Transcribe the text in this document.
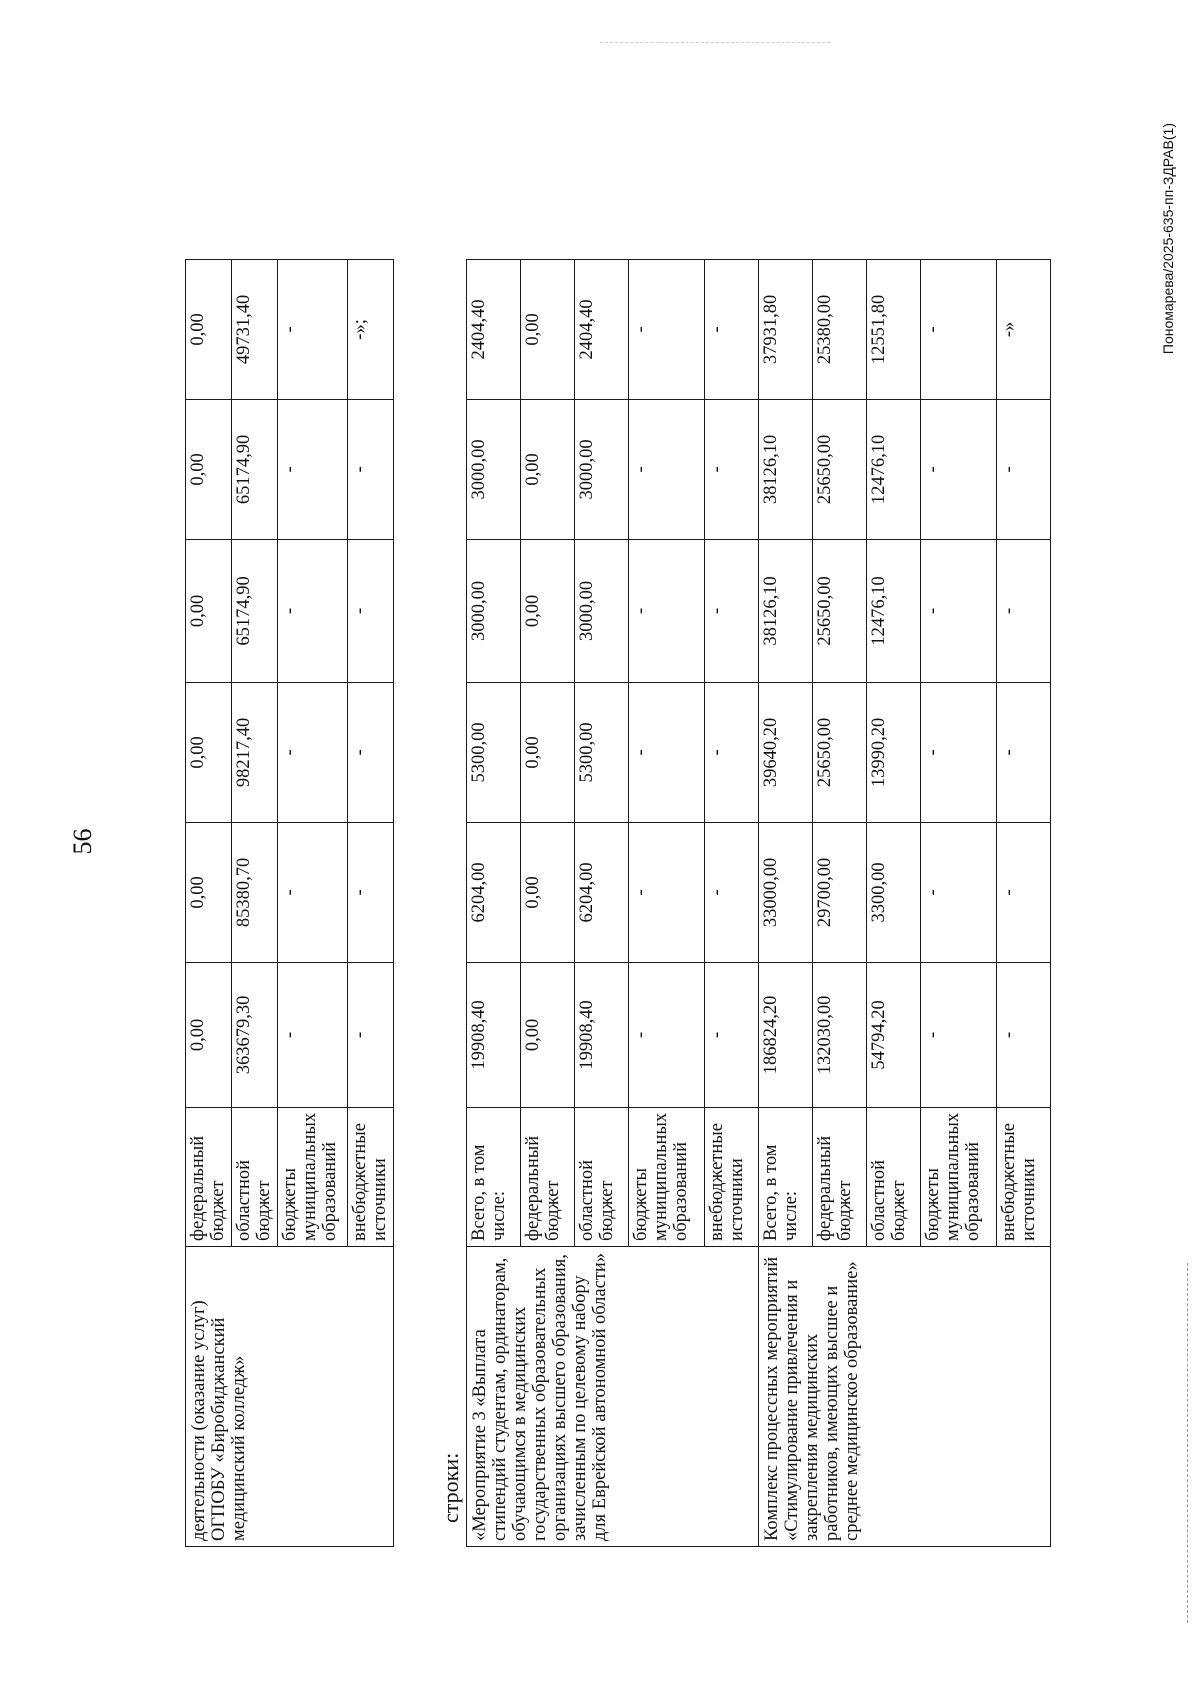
56
деятельности (оказание услуг) ОГПОБУ «Биробиджанский медицинский колледж»	федеральный бюджет	0,00	0,00	0,00	0,00	0,00	0,00
	областной бюджет	363679,30	85380,70	98217,40	65174,90	65174,90	49731,40
	бюджеты муниципальных образований	-	-	-	-	-	-
	внебюджетные источники	-	-	-	-	-	-»;
строки: «Мероприятие 3 «Выплата стипендий студентам, ординаторам, обучающимся в медицинских государственных образовательных организациях высшего образования, зачисленным по целевому набору для Еврейской автономной области»	Всего, в том числе:	19908,40	6204,00	5300,00	3000,00	3000,00	2404,40
	федеральный бюджет	0,00	0,00	0,00	0,00	0,00	0,00
	областной бюджет	19908,40	6204,00	5300,00	3000,00	3000,00	2404,40
	бюджеты муниципальных образований	-	-	-	-	-	-
	внебюджетные источники	-	-	-	-	-	-
Комплекс процессных мероприятий «Стимулирование привлечения и закрепления медицинских работников, имеющих высшее и среднее медицинское образование»	Всего, в том числе:	186824,20	33000,00	39640,20	38126,10	38126,10	37931,80
	федеральный бюджет	132030,00	29700,00	25650,00	25650,00	25650,00	25380,00
	областной бюджет	54794,20	3300,00	13990,20	12476,10	12476,10	12551,80
	бюджеты муниципальных образований	-	-	-	-	-	-
	внебюджетные источники	-	-	-	-	-	-»	Пономарева/2025-635-пп-ЗДРАВ(1)
